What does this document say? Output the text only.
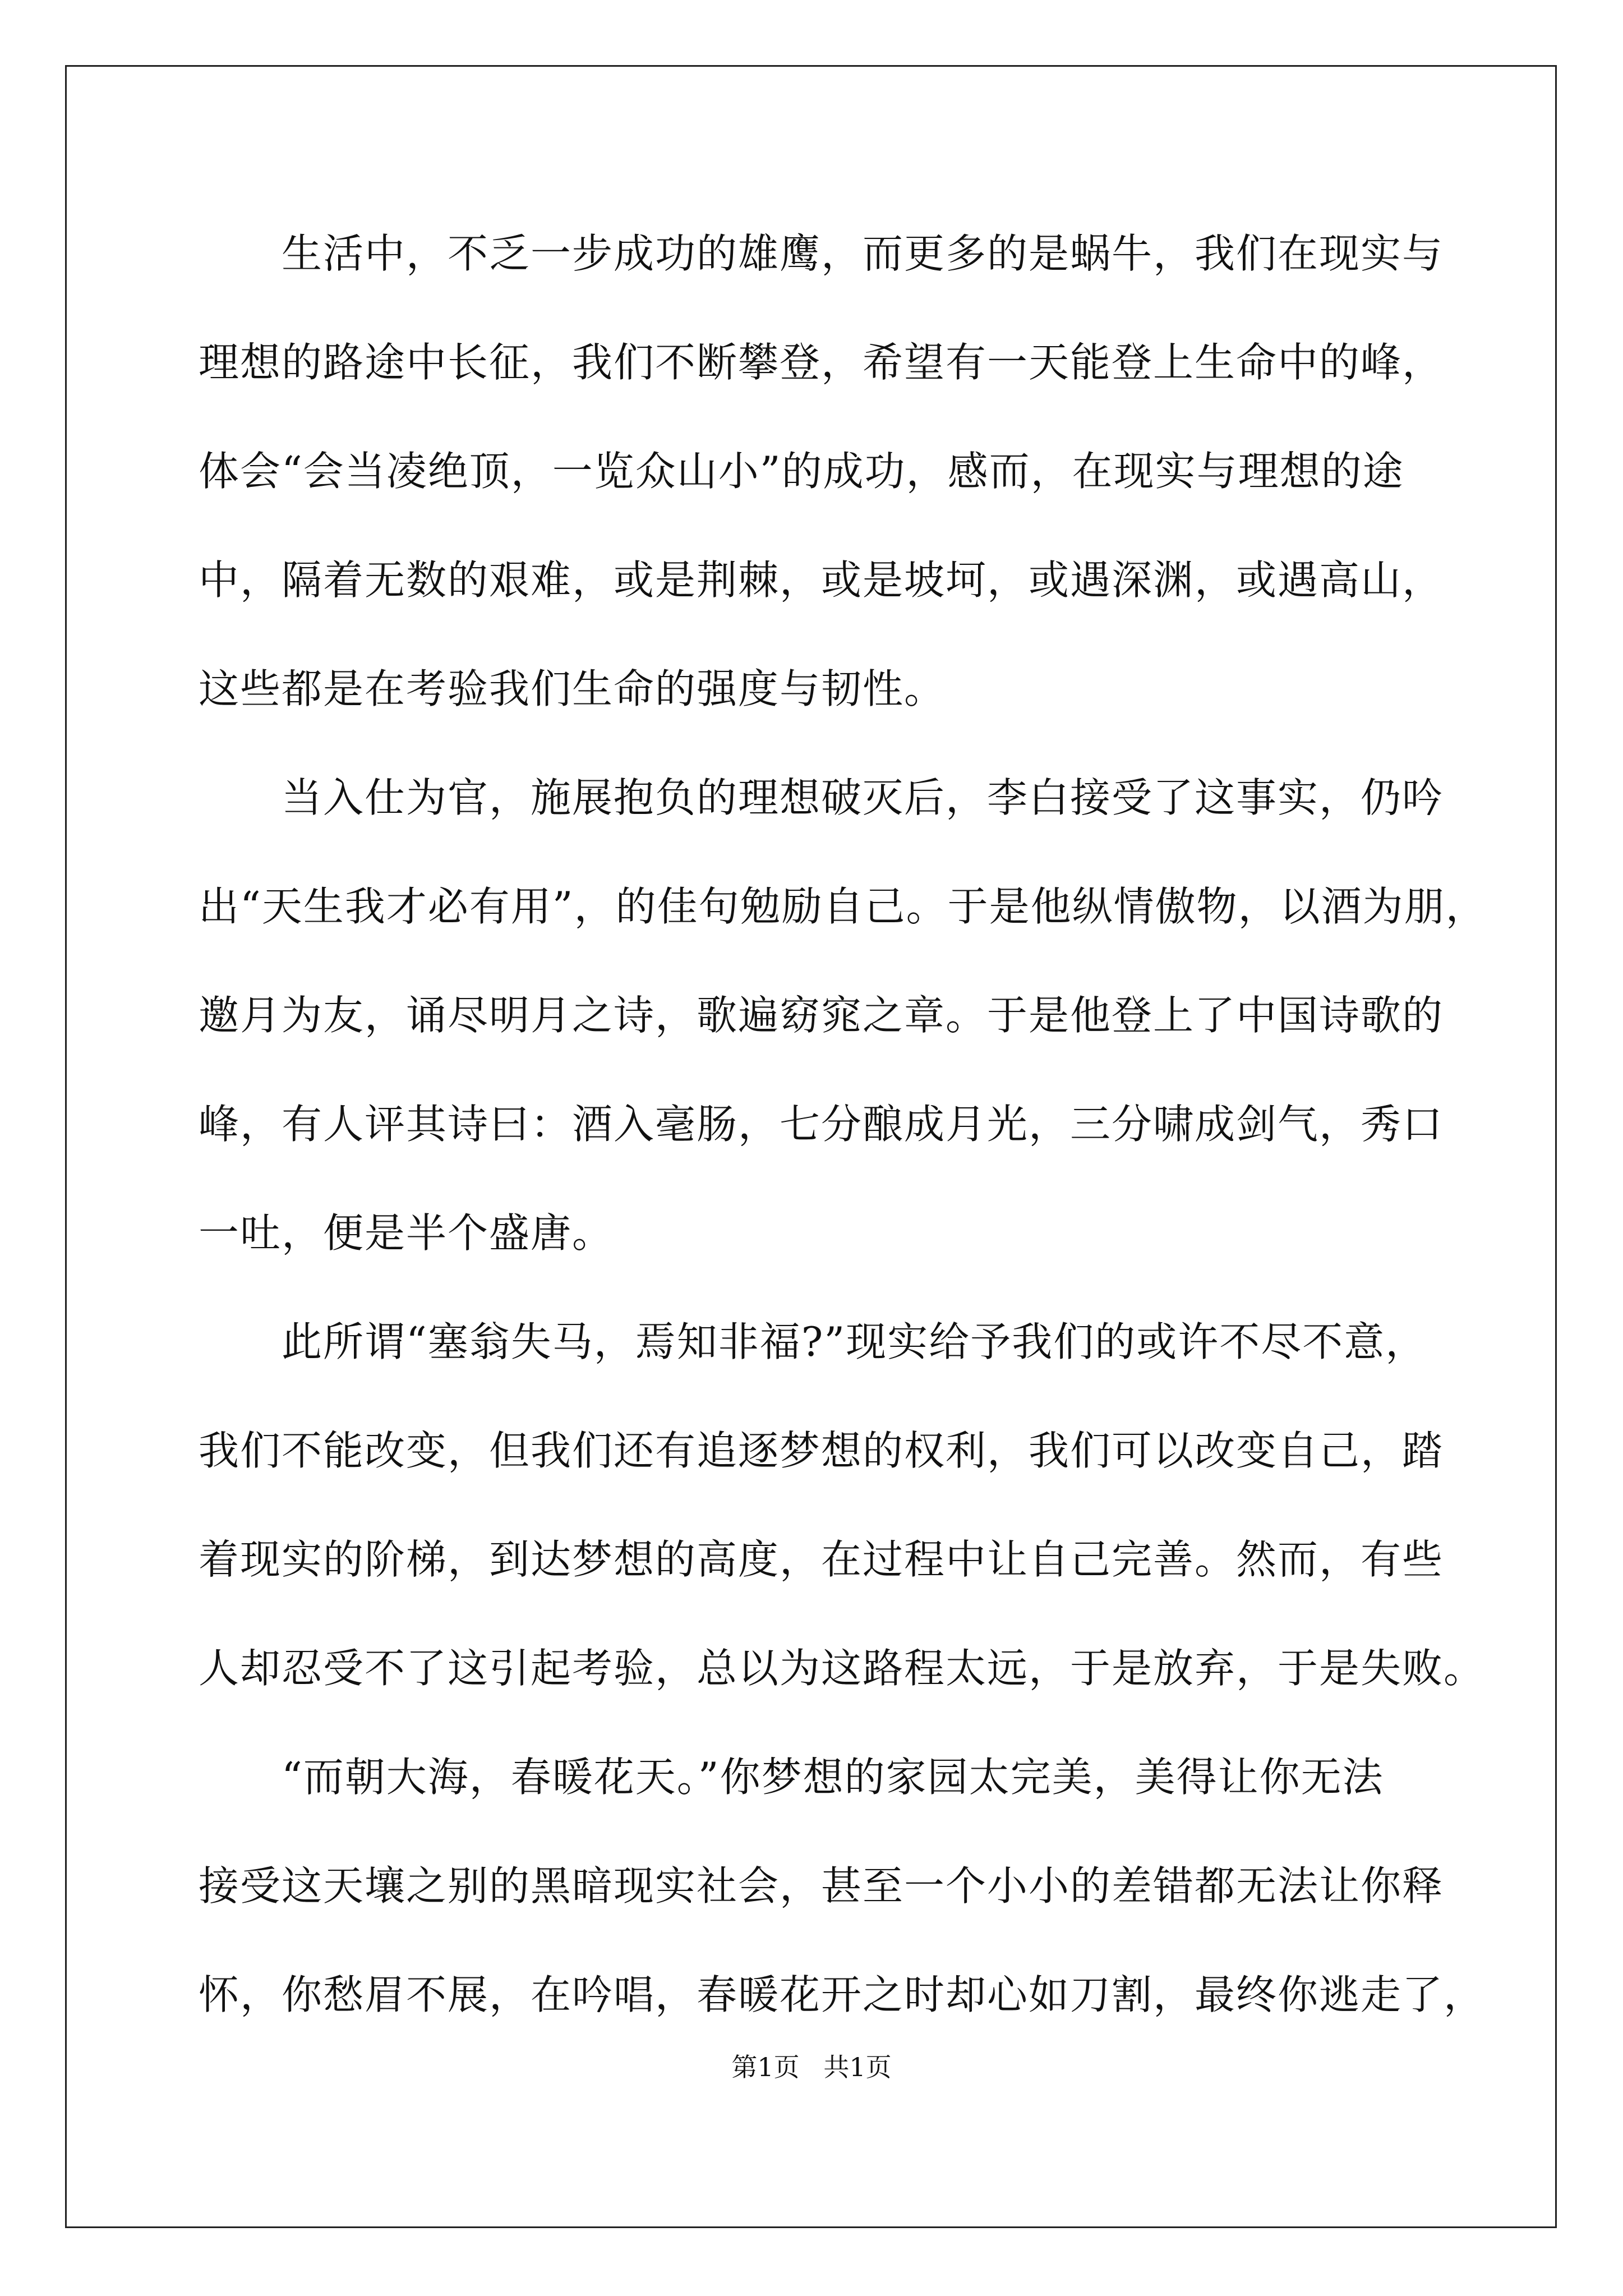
　　生活中，不乏一步成功的雄鹰，而更多的是蜗牛，我们在现实与
理想的路途中长征，我们不断攀登，希望有一天能登上生命中的峰，
体会“会当凌绝顶，一览众山小”的成功，感而，在现实与理想的途
中，隔着无数的艰难，或是荆棘，或是坡坷，或遇深渊，或遇高山，
这些都是在考验我们生命的强度与韧性。
　　当入仕为官，施展抱负的理想破灭后，李白接受了这事实，仍吟
出“天生我才必有用”，的佳句勉励自己。于是他纵情傲物，以酒为朋，
邀月为友，诵尽明月之诗，歌遍窈窕之章。于是他登上了中国诗歌的
峰，有人评其诗曰：酒入毫肠，七分酿成月光，三分啸成剑气，秀口
一吐，便是半个盛唐。
　　此所谓“塞翁失马，焉知非福?”现实给予我们的或许不尽不意，
我们不能改变，但我们还有追逐梦想的权利，我们可以改变自己，踏
着现实的阶梯，到达梦想的高度，在过程中让自己完善。然而，有些
人却忍受不了这引起考验，总以为这路程太远，于是放弃，于是失败。
　　“而朝大海，春暖花天。”你梦想的家园太完美，美得让你无法
接受这天壤之别的黑暗现实社会，甚至一个小小的差错都无法让你释
怀，你愁眉不展，在吟唱，春暖花开之时却心如刀割，最终你逃走了，
第1页 共1页
